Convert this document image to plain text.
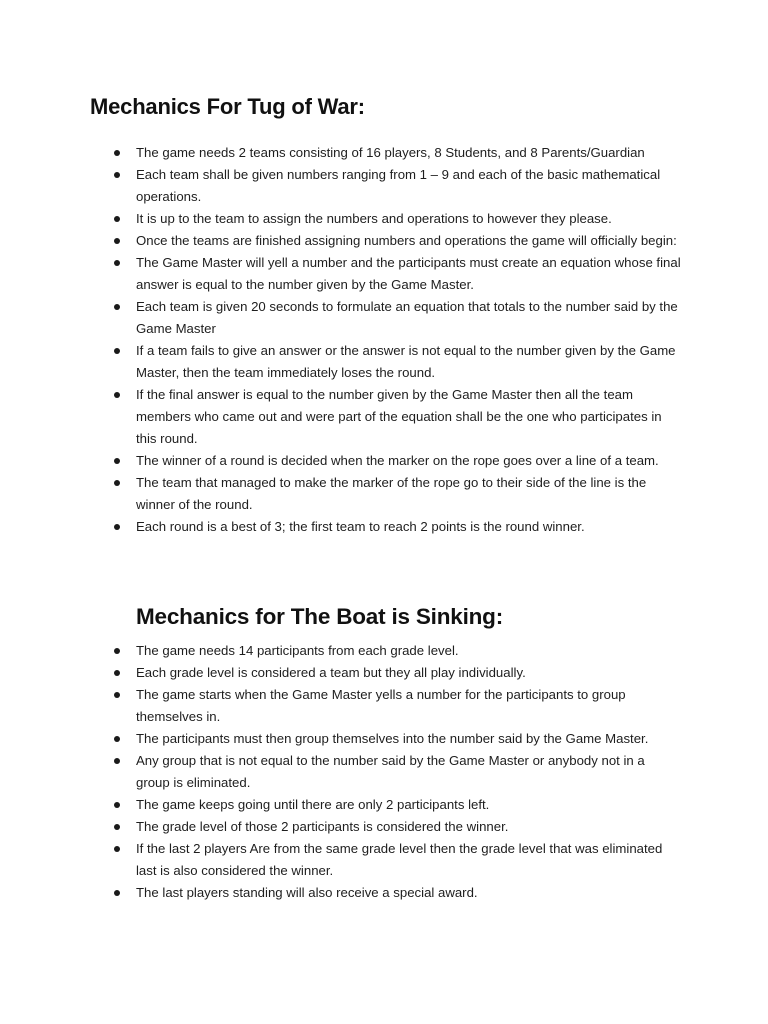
Mechanics For Tug of War:
The game needs 2 teams consisting of 16 players, 8 Students, and 8 Parents/Guardian
Each team shall be given numbers ranging from 1 – 9 and each of the basic mathematical operations.
It is up to the team to assign the numbers and operations to however they please.
Once the teams are finished assigning numbers and operations the game will officially begin:
The Game Master will yell a number and the participants must create an equation whose final answer is equal to the number given by the Game Master.
Each team is given 20 seconds to formulate an equation that totals to the number said by the Game Master
If a team fails to give an answer or the answer is not equal to the number given by the Game Master, then the team immediately loses the round.
If the final answer is equal to the number given by the Game Master then all the team members who came out and were part of the equation shall be the one who participates in this round.
The winner of a round is decided when the marker on the rope goes over a line of a team.
The team that managed to make the marker of the rope go to their side of the line is the winner of the round.
Each round is a best of 3; the first team to reach 2 points is the round winner.
Mechanics for The Boat is Sinking:
The game needs 14 participants from each grade level.
Each grade level is considered a team but they all play individually.
The game starts when the Game Master yells a number for the participants to group themselves in.
The participants must then group themselves into the number said by the Game Master.
Any group that is not equal to the number said by the Game Master or anybody not in a group is eliminated.
The game keeps going until there are only 2 participants left.
The grade level of those 2 participants is considered the winner.
If the last 2 players Are from the same grade level then the grade level that was eliminated last is also considered the winner.
The last players standing will also receive a special award.
